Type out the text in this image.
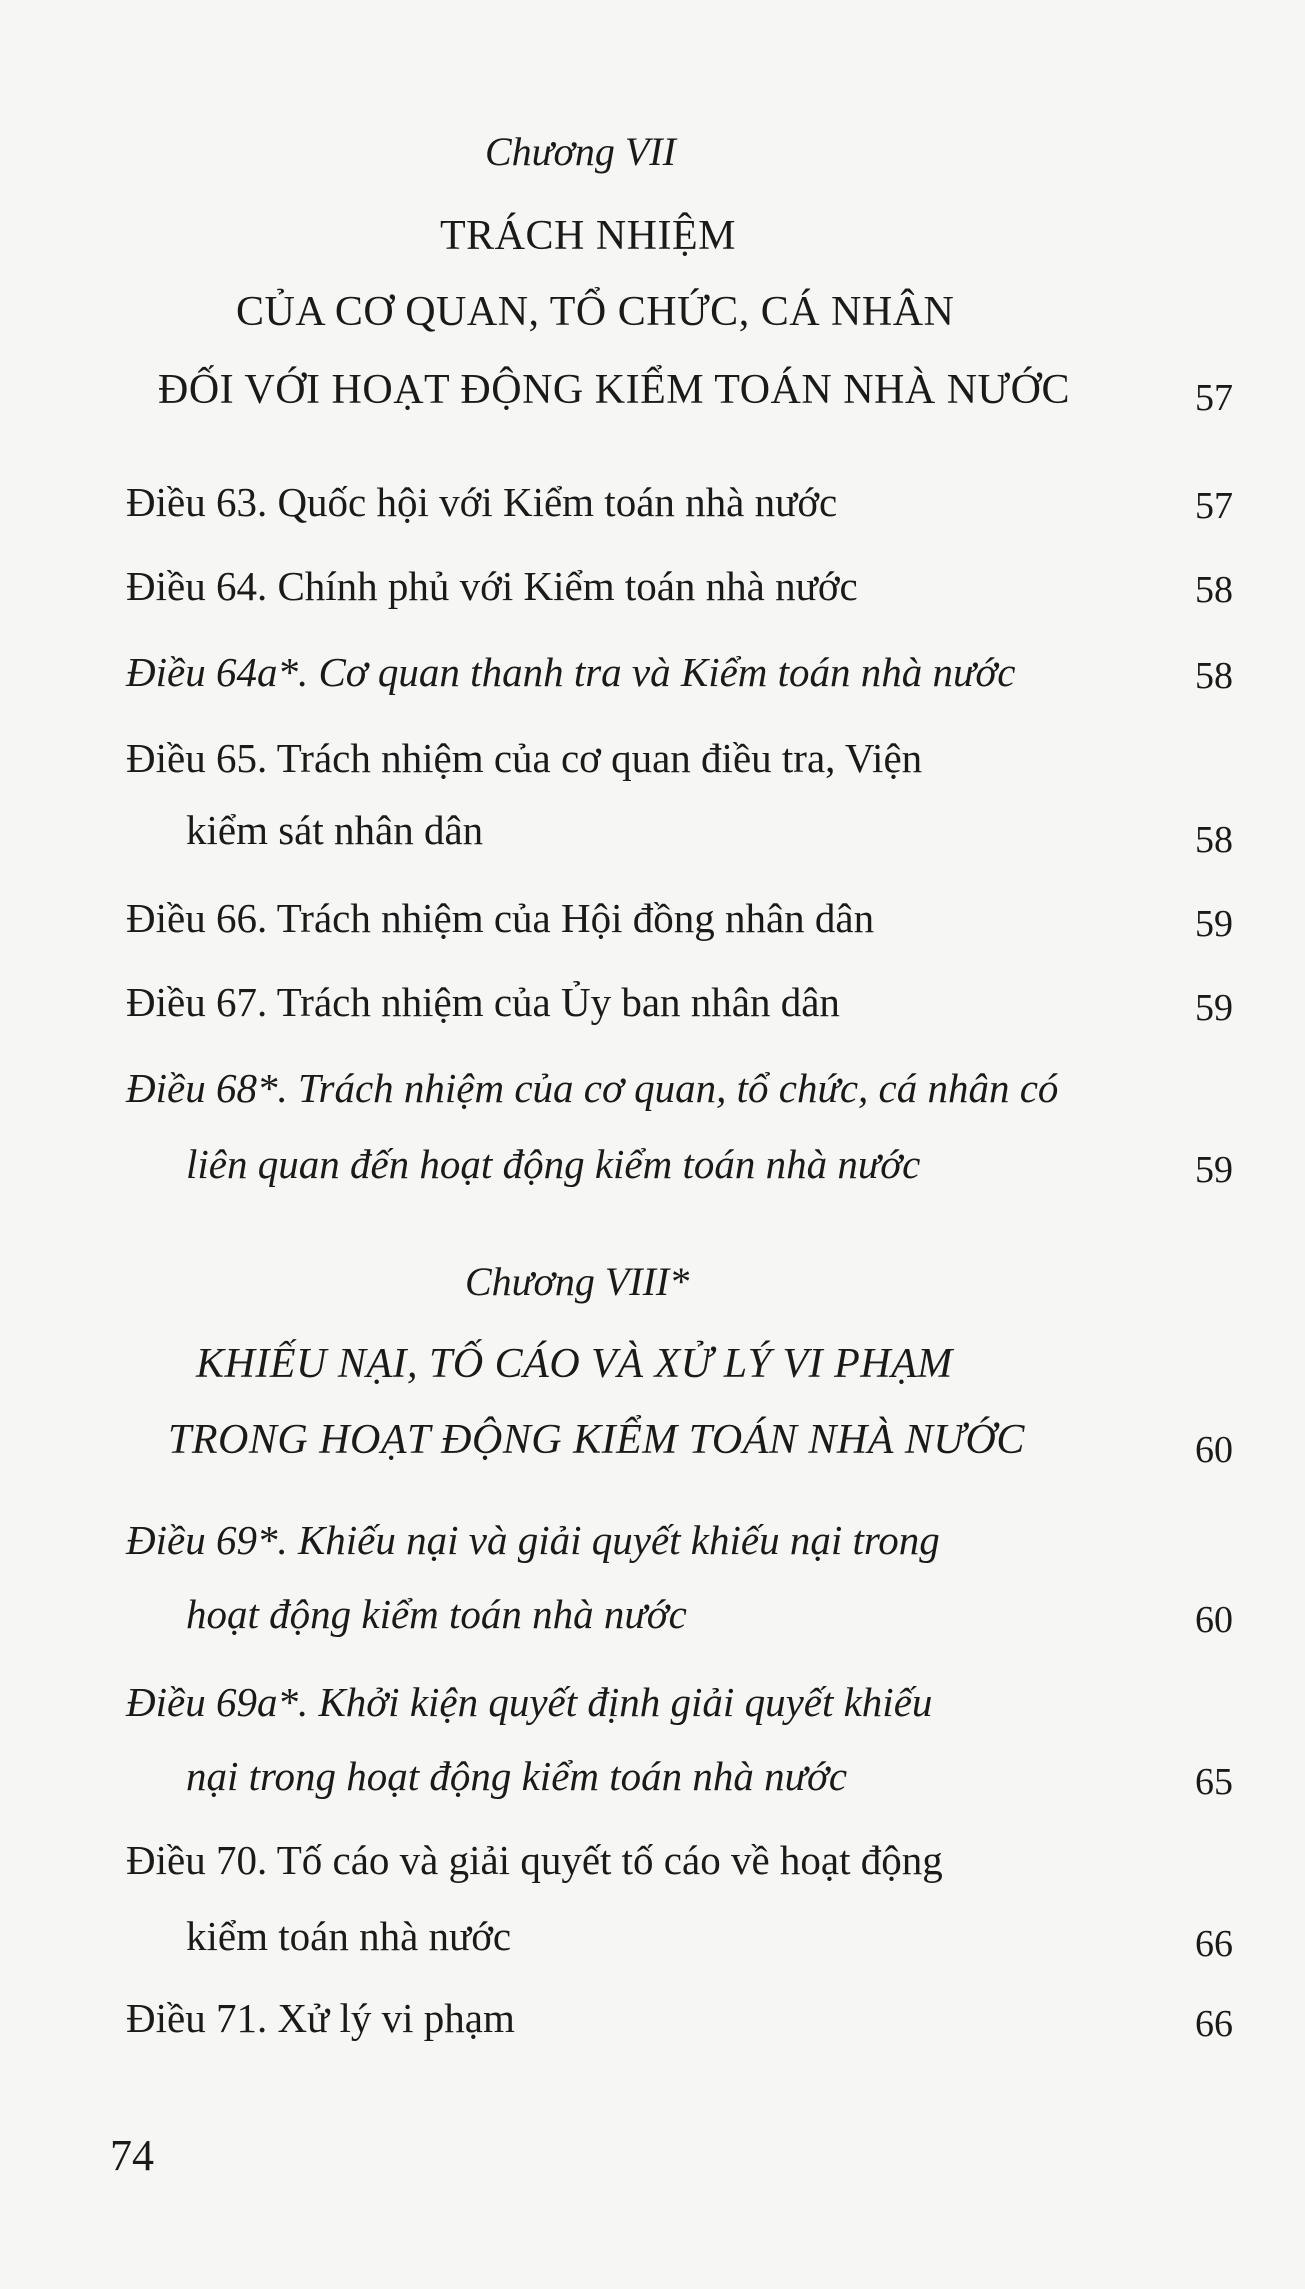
Chương VII
TRÁCH NHIỆM
CỦA CƠ QUAN, TỔ CHỨC, CÁ NHÂN
ĐỐI VỚI HOẠT ĐỘNG KIỂM TOÁN NHÀ NƯỚC	57
Điều 63. Quốc hội với Kiểm toán nhà nước	57
Điều 64. Chính phủ với Kiểm toán nhà nước	58
Điều 64a*. Cơ quan thanh tra và Kiểm toán nhà nước	58
Điều 65. Trách nhiệm của cơ quan điều tra, Viện
kiểm sát nhân dân	58
Điều 66. Trách nhiệm của Hội đồng nhân dân	59
Điều 67. Trách nhiệm của Ủy ban nhân dân	59
Điều 68*. Trách nhiệm của cơ quan, tổ chức, cá nhân có
liên quan đến hoạt động kiểm toán nhà nước	59
Chương VIII*
KHIẾU NẠI, TỐ CÁO VÀ XỬ LÝ VI PHẠM
TRONG HOẠT ĐỘNG KIỂM TOÁN NHÀ NƯỚC	60
Điều 69*. Khiếu nại và giải quyết khiếu nại trong
hoạt động kiểm toán nhà nước	60
Điều 69a*. Khởi kiện quyết định giải quyết khiếu
nại trong hoạt động kiểm toán nhà nước	65
Điều 70. Tố cáo và giải quyết tố cáo về hoạt động
kiểm toán nhà nước	66
Điều 71. Xử lý vi phạm	66
74
